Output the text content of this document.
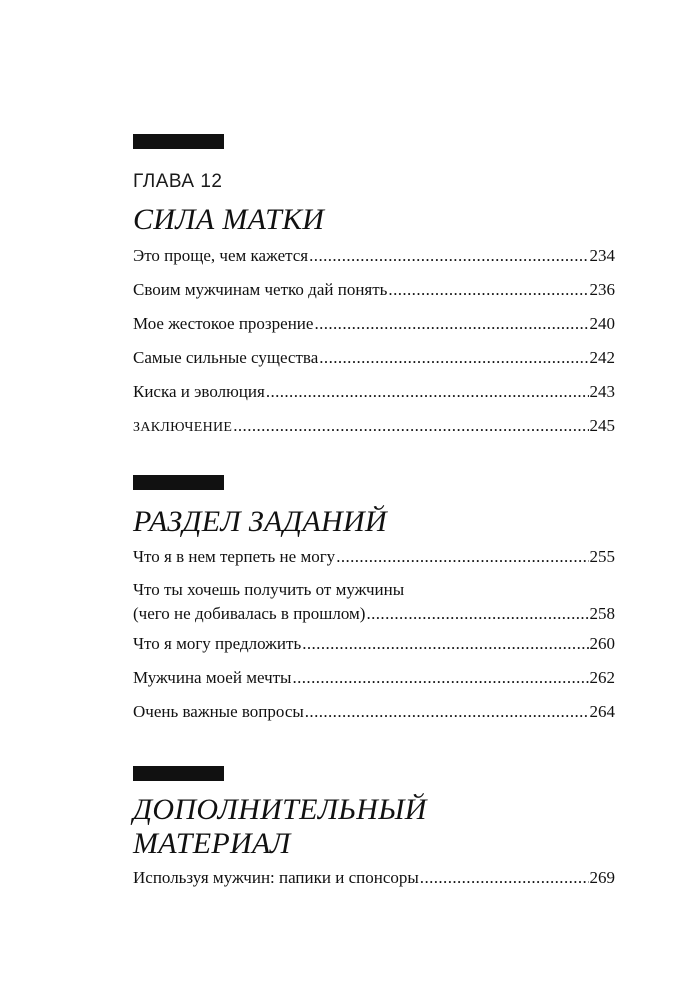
ГЛАВА 12
СИЛА МАТКИ
Это проще, чем кажется .....	234
Своим мужчинам четко дай понять .....	236
Мое жестокое прозрение .....	240
Самые сильные существа .....	242
Киска и эволюция .....	243
ЗАКЛЮЧЕНИЕ .....	245
РАЗДЕЛ ЗАДАНИЙ
Что я в нем терпеть не могу .....	255
Что ты хочешь получить от мужчины
(чего не добивалась в прошлом) .....	258
Что я могу предложить .....	260
Мужчина моей мечты .....	262
Очень важные вопросы .....	264
ДОПОЛНИТЕЛЬНЫЙ
МАТЕРИАЛ
Используя мужчин: папики и спонсоры .....	269
